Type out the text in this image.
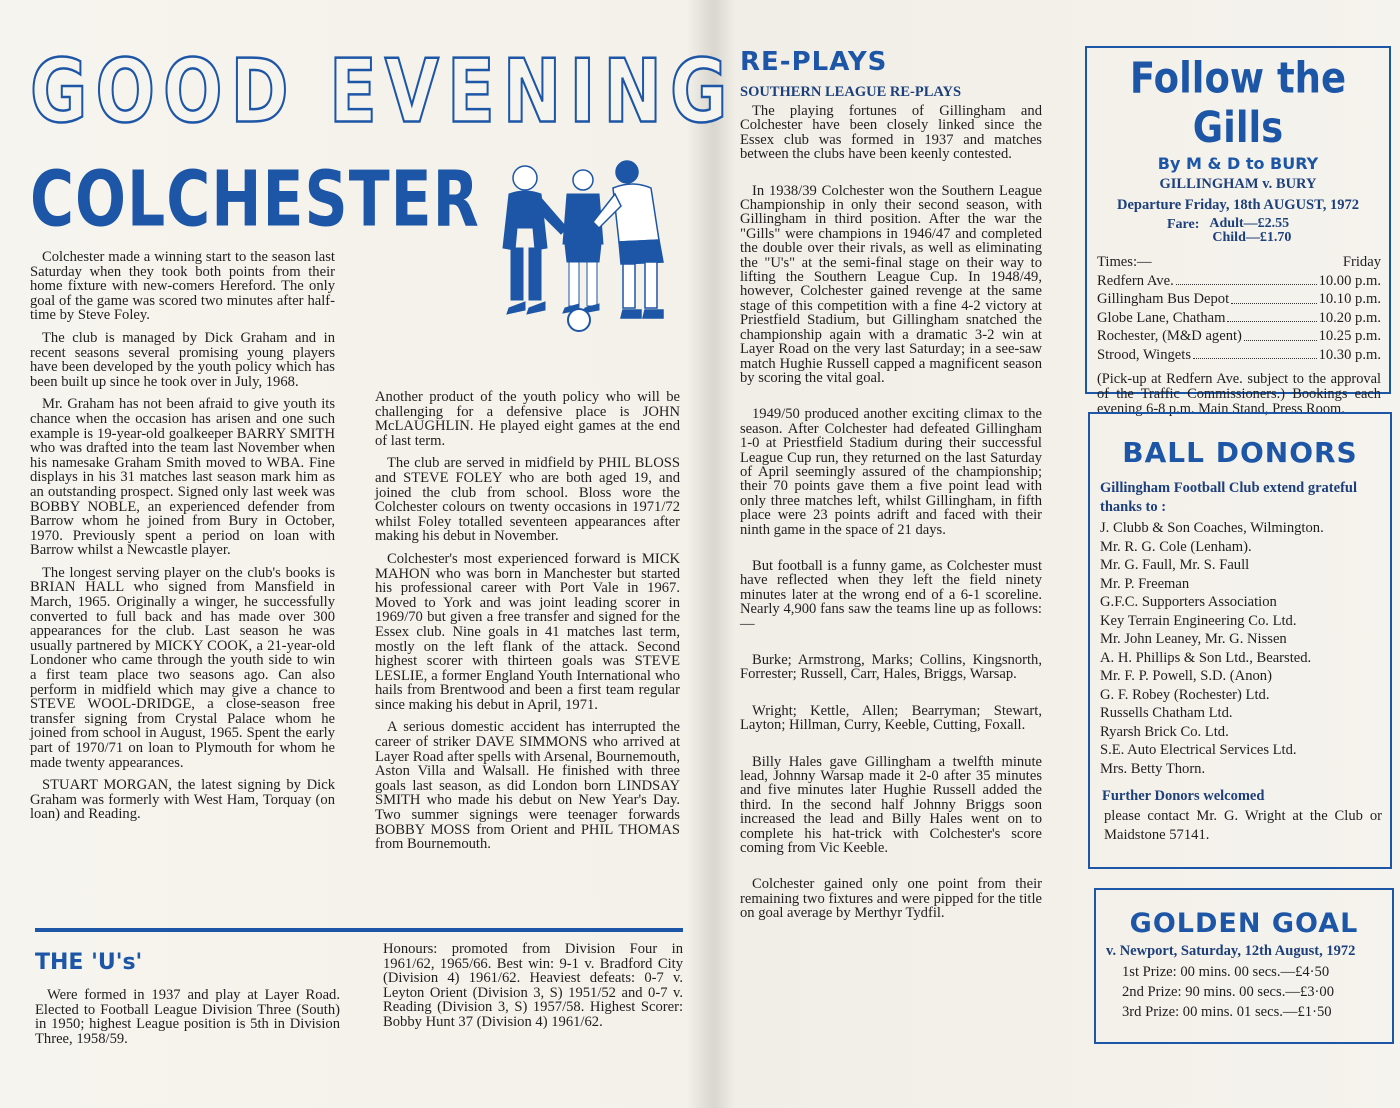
GOOD EVENING
COLCHESTER

Colchester made a winning start to the season last Saturday when they took both points from their home fixture with new-comers Hereford. The only goal of the game was scored two minutes after half-time by Steve Foley.

The club is managed by Dick Graham and in recent seasons several promising young players have been developed by the youth policy which has been built up since he took over in July, 1968.

Mr. Graham has not been afraid to give youth its chance when the occasion has arisen and one such example is 19-year-old goalkeeper BARRY SMITH who was drafted into the team last November when his namesake Graham Smith moved to WBA. Fine displays in his 31 matches last season mark him as an outstanding prospect. Signed only last week was BOBBY NOBLE, an experienced defender from Barrow whom he joined from Bury in October, 1970. Previously spent a period on loan with Barrow whilst a Newcastle player.

The longest serving player on the club's books is BRIAN HALL who signed from Mansfield in March, 1965. Originally a winger, he successfully converted to full back and has made over 300 appearances for the club. Last season he was usually partnered by MICKY COOK, a 21-year-old Londoner who came through the youth side to win a first team place two seasons ago. Can also perform in midfield which may give a chance to STEVE WOOL-DRIDGE, a close-season free transfer signing from Crystal Palace whom he joined from school in August, 1965. Spent the early part of 1970/71 on loan to Plymouth for whom he made twenty appearances.

STUART MORGAN, the latest signing by Dick Graham was formerly with West Ham, Torquay (on loan) and Reading.

Another product of the youth policy who will be challenging for a defensive place is JOHN McLAUGHLIN. He played eight games at the end of last term.

The club are served in midfield by PHIL BLOSS and STEVE FOLEY who are both aged 19, and joined the club from school. Bloss wore the Colchester colours on twenty occasions in 1971/72 whilst Foley totalled seventeen appearances after making his debut in November.

Colchester's most experienced forward is MICK MAHON who was born in Manchester but started his professional career with Port Vale in 1967. Moved to York and was joint leading scorer in 1969/70 but given a free transfer and signed for the Essex club. Nine goals in 41 matches last term, mostly on the left flank of the attack. Second highest scorer with thirteen goals was STEVE LESLIE, a former England Youth International who hails from Brentwood and been a first team regular since making his debut in April, 1971.

A serious domestic accident has interrupted the career of striker DAVE SIMMONS who arrived at Layer Road after spells with Arsenal, Bournemouth, Aston Villa and Walsall. He finished with three goals last season, as did London born LINDSAY SMITH who made his debut on New Year's Day. Two summer signings were teenager forwards BOBBY MOSS from Orient and PHIL THOMAS from Bournemouth.

THE 'U's'

Were formed in 1937 and play at Layer Road. Elected to Football League Division Three (South) in 1950; highest League position is 5th in Division Three, 1958/59.

Honours: promoted from Division Four in 1961/62, 1965/66. Best win: 9-1 v. Bradford City (Division 4) 1961/62. Heaviest defeats: 0-7 v. Leyton Orient (Division 3, S) 1951/52 and 0-7 v. Reading (Division 3, S) 1957/58. Highest Scorer: Bobby Hunt 37 (Division 4) 1961/62.

RE-PLAYS
SOUTHERN LEAGUE RE-PLAYS

The playing fortunes of Gillingham and Colchester have been closely linked since the Essex club was formed in 1937 and matches between the clubs have been keenly contested.

In 1938/39 Colchester won the Southern League Championship in only their second season, with Gillingham in third position. After the war the "Gills" were champions in 1946/47 and completed the double over their rivals, as well as eliminating the "U's" at the semi-final stage on their way to lifting the Southern League Cup. In 1948/49, however, Colchester gained revenge at the same stage of this competition with a fine 4-2 victory at Priestfield Stadium, but Gillingham snatched the championship again with a dramatic 3-2 win at Layer Road on the very last Saturday; in a see-saw match Hughie Russell capped a magnificent season by scoring the vital goal.

1949/50 produced another exciting climax to the season. After Colchester had defeated Gillingham 1-0 at Priestfield Stadium during their successful League Cup run, they returned on the last Saturday of April seemingly assured of the championship; their 70 points gave them a five point lead with only three matches left, whilst Gillingham, in fifth place were 23 points adrift and faced with their ninth game in the space of 21 days.

But football is a funny game, as Colchester must have reflected when they left the field ninety minutes later at the wrong end of a 6-1 scoreline. Nearly 4,900 fans saw the teams line up as follows:—

Burke; Armstrong, Marks; Collins, Kingsnorth, Forrester; Russell, Carr, Hales, Briggs, Warsap.

Wright; Kettle, Allen; Bearryman; Stewart, Layton; Hillman, Curry, Keeble, Cutting, Foxall.

Billy Hales gave Gillingham a twelfth minute lead, Johnny Warsap made it 2-0 after 35 minutes and five minutes later Hughie Russell added the third. In the second half Johnny Briggs soon increased the lead and Billy Hales went on to complete his hat-trick with Colchester's score coming from Vic Keeble.

Colchester gained only one point from their remaining two fixtures and were pipped for the title on goal average by Merthyr Tydfil.

Follow the Gills
By M & D to BURY
GILLINGHAM v. BURY
Departure Friday, 18th AUGUST, 1972
Fare: Adult—£2.55
Child—£1.70
Times:—	Friday
Redfern Ave.	10.00 p.m.
Gillingham Bus Depot	10.10 p.m.
Globe Lane, Chatham	10.20 p.m.
Rochester, (M&D agent)	10.25 p.m.
Strood, Wingets	10.30 p.m.
(Pick-up at Redfern Ave. subject to the approval of the Traffic Commissioners.) Bookings each evening 6-8 p.m. Main Stand, Press Room.
BALL DONORS
Gillingham Football Club extend grateful thanks to :
J. Clubb & Son Coaches, Wilmington.
Mr. R. G. Cole (Lenham).
Mr. G. Faull, Mr. S. Faull
Mr. P. Freeman
G.F.C. Supporters Association
Key Terrain Engineering Co. Ltd.
Mr. John Leaney, Mr. G. Nissen
A. H. Phillips & Son Ltd., Bearsted.
Mr. F. P. Powell, S.D. (Anon)
G. F. Robey (Rochester) Ltd.
Russells Chatham Ltd.
Ryarsh Brick Co. Ltd.
S.E. Auto Electrical Services Ltd.
Mrs. Betty Thorn.
Further Donors welcomed
please contact Mr. G. Wright at the Club or Maidstone 57141.
GOLDEN GOAL
v. Newport, Saturday, 12th August, 1972
1st Prize: 00 mins. 00 secs.—£4·50
2nd Prize: 90 mins. 00 secs.—£3·00
3rd Prize: 00 mins. 01 secs.—£1·50
